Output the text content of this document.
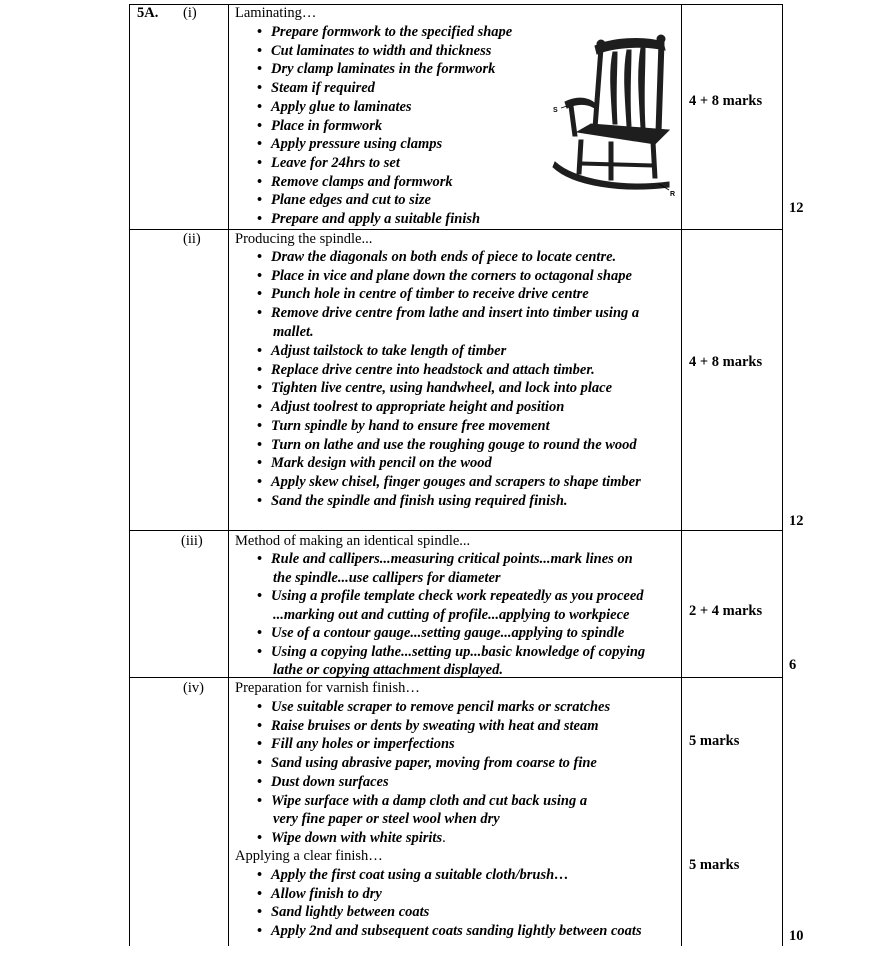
5A. (i)	Laminating…
• Prepare formwork to the specified shape
• Cut laminates to width and thickness
• Dry clamp laminates in the formwork
• Steam if required
• Apply glue to laminates
• Place in formwork
• Apply pressure using clamps
• Leave for 24hrs to set
• Remove clamps and formwork
• Plane edges and cut to size
• Prepare and apply a suitable finish
S
R
4 + 8 marks
12
(ii) Producing the spindle...
• Draw the diagonals on both ends of piece to locate centre.
• Place in vice and plane down the corners to octagonal shape
• Punch hole in centre of timber to receive drive centre
• Remove drive centre from lathe and insert into timber using a
mallet.
• Adjust tailstock to take length of timber
• Replace drive centre into headstock and attach timber.
• Tighten live centre, using handwheel, and lock into place
• Adjust toolrest to appropriate height and position
• Turn spindle by hand to ensure free movement
• Turn on lathe and use the roughing gouge to round the wood
• Mark design with pencil on the wood
• Apply skew chisel, finger gouges and scrapers to shape timber
• Sand the spindle and finish using required finish.
4 + 8 marks
12
(iii) Method of making an identical spindle...
• Rule and callipers...measuring critical points...mark lines on
the spindle...use callipers for diameter
• Using a profile template check work repeatedly as you proceed
...marking out and cutting of profile...applying to workpiece
• Use of a contour gauge...setting gauge...applying to spindle
• Using a copying lathe...setting up...basic knowledge of copying
lathe or copying attachment displayed.
2 + 4 marks
6
(iv) Preparation for varnish finish…
• Use suitable scraper to remove pencil marks or scratches
• Raise bruises or dents by sweating with heat and steam
• Fill any holes or imperfections
• Sand using abrasive paper, moving from coarse to fine
• Dust down surfaces
• Wipe surface with a damp cloth and cut back using a
very fine paper or steel wool when dry
• Wipe down with white spirits.
Applying a clear finish…
• Apply the first coat using a suitable cloth/brush…
• Allow finish to dry
• Sand lightly between coats
• Apply 2nd and subsequent coats sanding lightly between coats
5 marks
5 marks
10
